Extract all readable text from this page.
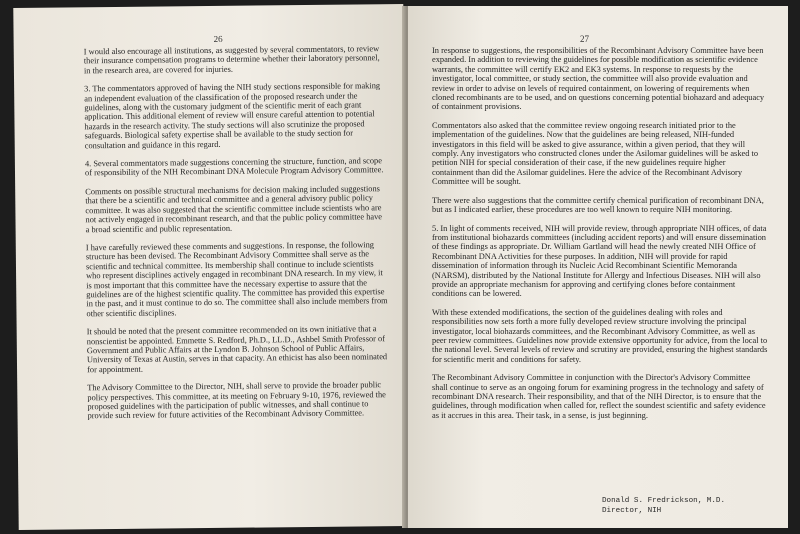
26

I would also encourage all institutions, as suggested by several commentators, to review their insurance compensation programs to determine whether their laboratory personnel, in the research area, are covered for injuries.

3. The commentators approved of having the NIH study sections responsible for making an independent evaluation of the classification of the proposed research under the guidelines, along with the customary judgment of the scientific merit of each grant application. This additional element of review will ensure careful attention to potential hazards in the research activity. The study sections will also scrutinize the proposed safeguards. Biological safety expertise shall be available to the study section for consultation and guidance in this regard.

4. Several commentators made suggestions concerning the structure, function, and scope of responsibility of the NIH Recombinant DNA Molecule Program Advisory Committee.

Comments on possible structural mechanisms for decision making included suggestions that there be a scientific and technical committee and a general advisory public policy committee. It was also suggested that the scientific committee include scientists who are not actively engaged in recombinant research, and that the public policy committee have a broad scientific and public representation.

I have carefully reviewed these comments and suggestions. In response, the following structure has been devised. The Recombinant Advisory Committee shall serve as the scientific and technical committee. Its membership shall continue to include scientists who represent disciplines actively engaged in recombinant DNA research. In my view, it is most important that this committee have the necessary expertise to assure that the guidelines are of the highest scientific quality. The committee has provided this expertise in the past, and it must continue to do so. The committee shall also include members from other scientific disciplines.

It should be noted that the present committee recommended on its own initiative that a nonscientist be appointed. Emmette S. Redford, Ph.D., LL.D., Ashbel Smith Professor of Government and Public Affairs at the Lyndon B. Johnson School of Public Affairs, University of Texas at Austin, serves in that capacity. An ethicist has also been nominated for appointment.

The Advisory Committee to the Director, NIH, shall serve to provide the broader public policy perspectives. This committee, at its meeting on February 9-10, 1976, reviewed the proposed guidelines with the participation of public witnesses, and shall continue to provide such review for future activities of the Recombinant Advisory Committee.

27

In response to suggestions, the responsibilities of the Recombinant Advisory Committee have been expanded. In addition to reviewing the guidelines for possible modification as scientific evidence warrants, the committee will certify EK2 and EK3 systems. In response to requests by the investigator, local committee, or study section, the committee will also provide evaluation and review in order to advise on levels of required containment, on lowering of requirements when cloned recombinants are to be used, and on questions concerning potential biohazard and adequacy of containment provisions.

Commentators also asked that the committee review ongoing research initiated prior to the implementation of the guidelines. Now that the guidelines are being released, NIH-funded investigators in this field will be asked to give assurance, within a given period, that they will comply. Any investigators who constructed clones under the Asilomar guidelines will be asked to petition NIH for special consideration of their case, if the new guidelines require higher containment than did the Asilomar guidelines. Here the advice of the Recombinant Advisory Committee will be sought.

There were also suggestions that the committee certify chemical purification of recombinant DNA, but as I indicated earlier, these procedures are too well known to require NIH monitoring.

5. In light of comments received, NIH will provide review, through appropriate NIH offices, of data from institutional biohazards committees (including accident reports) and will ensure dissemination of these findings as appropriate. Dr. William Gartland will head the newly created NIH Office of Recombinant DNA Activities for these purposes. In addition, NIH will provide for rapid dissemination of information through its Nucleic Acid Recombinant Scientific Memoranda (NARSM), distributed by the National Institute for Allergy and Infectious Diseases. NIH will also provide an appropriate mechanism for approving and certifying clones before containment conditions can be lowered.

With these extended modifications, the section of the guidelines dealing with roles and responsibilities now sets forth a more fully developed review structure involving the principal investigator, local biohazards committees, and the Recombinant Advisory Committee, as well as peer review committees. Guidelines now provide extensive opportunity for advice, from the local to the national level. Several levels of review and scrutiny are provided, ensuring the highest standards for scientific merit and conditions for safety.

The Recombinant Advisory Committee in conjunction with the Director's Advisory Committee shall continue to serve as an ongoing forum for examining progress in the technology and safety of recombinant DNA research. Their responsibility, and that of the NIH Director, is to ensure that the guidelines, through modification when called for, reflect the soundest scientific and safety evidence as it accrues in this area. Their task, in a sense, is just beginning.

Donald S. Fredrickson, M.D.
Director, NIH
